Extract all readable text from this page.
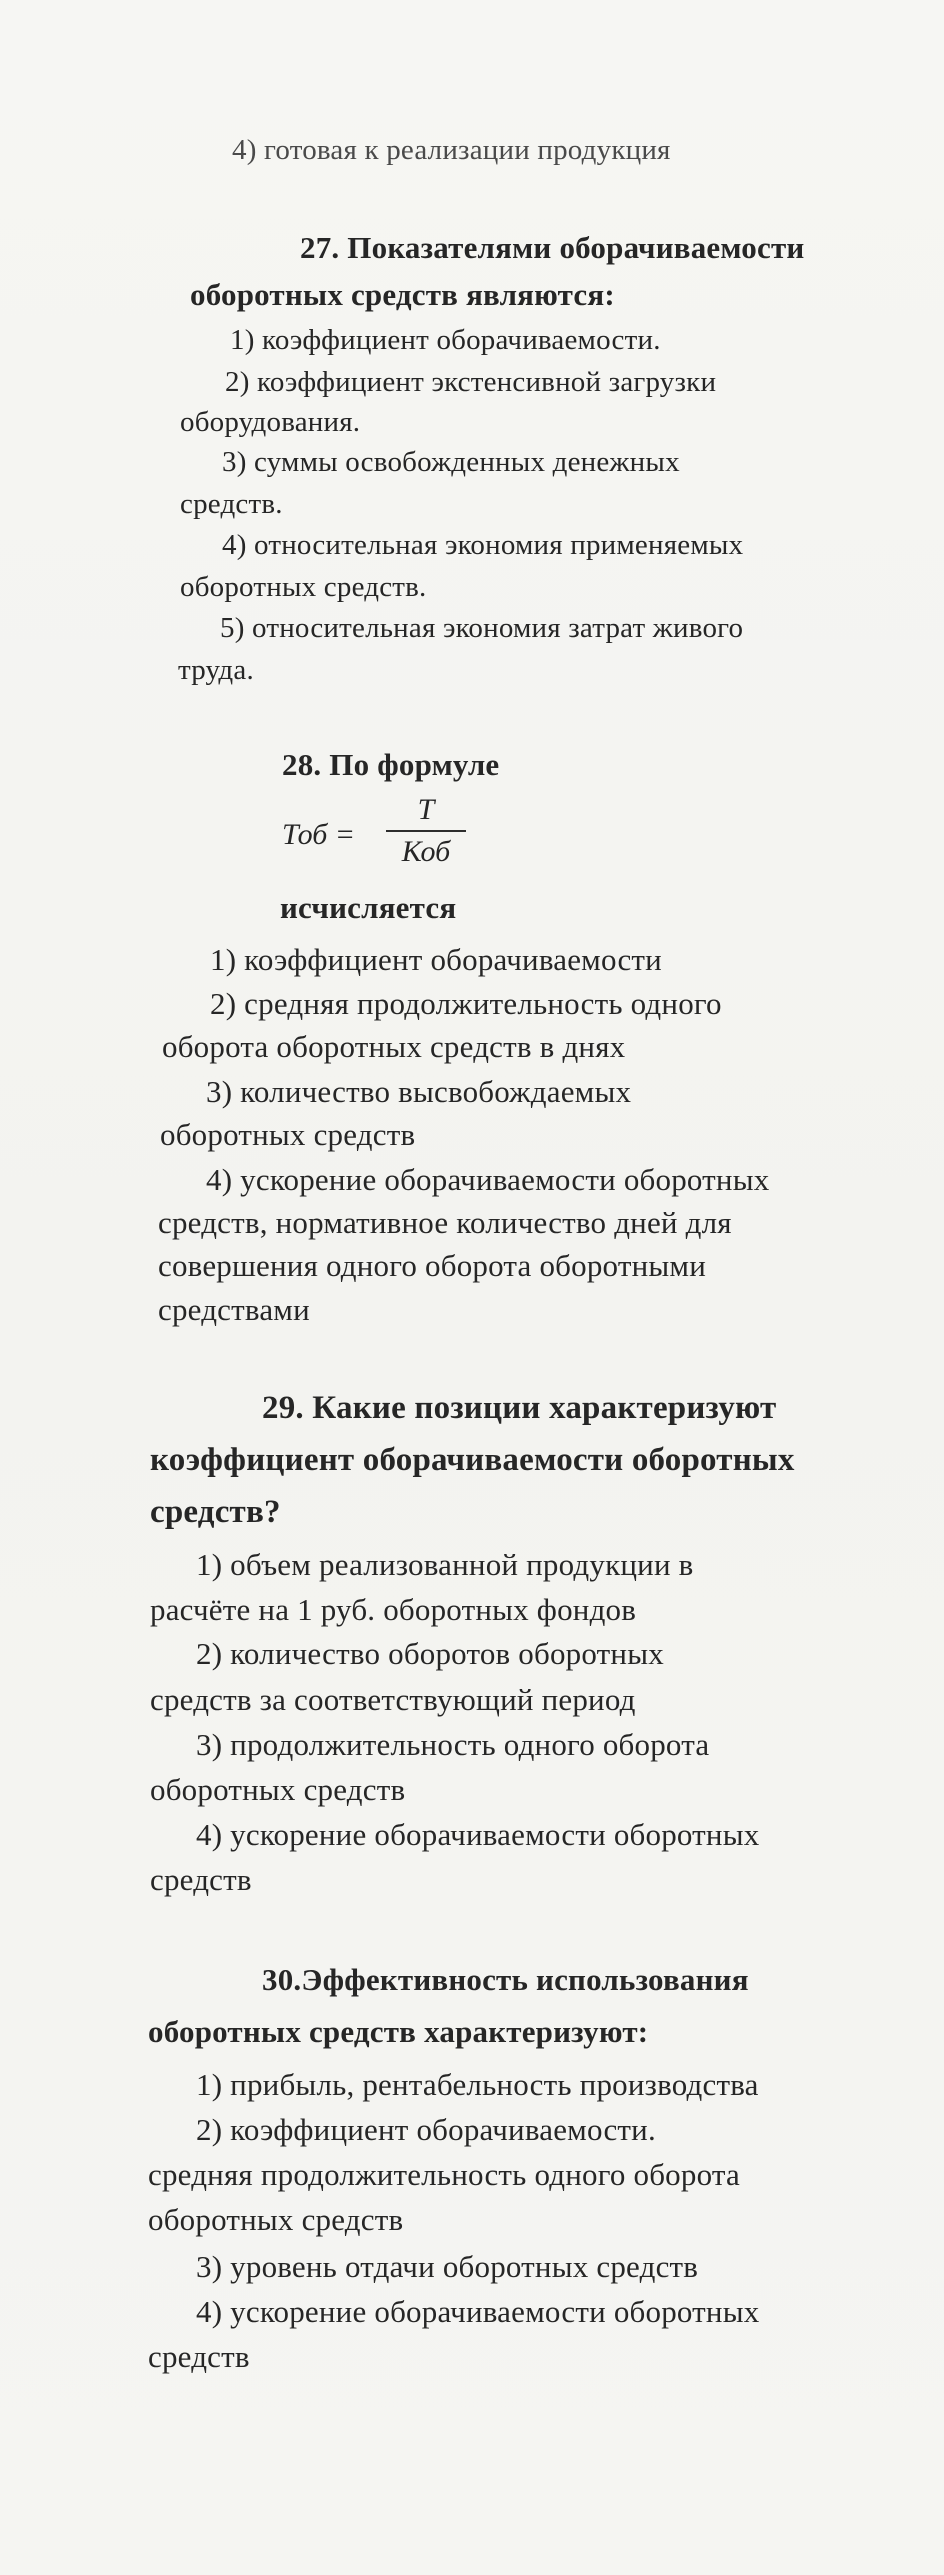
4) готовая к реализации продукция
27. Показателями оборачиваемости
оборотных средств являются:
1) коэффициент оборачиваемости.
2) коэффициент экстенсивной загрузки
оборудования.
3) суммы освобожденных денежных
средств.
4) относительная экономия применяемых
оборотных средств.
5) относительная экономия затрат живого
труда.
28. По формуле
Тоб =
Т
Коб
исчисляется
1) коэффициент оборачиваемости
2) средняя продолжительность одного
оборота оборотных средств в днях
3) количество высвобождаемых
оборотных средств
4) ускорение оборачиваемости оборотных
средств, нормативное количество дней для
совершения одного оборота оборотными
средствами
29. Какие позиции характеризуют
коэффициент оборачиваемости оборотных
средств?
1) объем реализованной продукции в
расчёте на 1 руб. оборотных фондов
2) количество оборотов оборотных
средств за соответствующий период
3) продолжительность одного оборота
оборотных средств
4) ускорение оборачиваемости оборотных
средств
30.Эффективность использования
оборотных средств характеризуют:
1) прибыль, рентабельность производства
2) коэффициент оборачиваемости.
средняя продолжительность одного оборота
оборотных средств
3) уровень отдачи оборотных средств
4) ускорение оборачиваемости оборотных
средств
